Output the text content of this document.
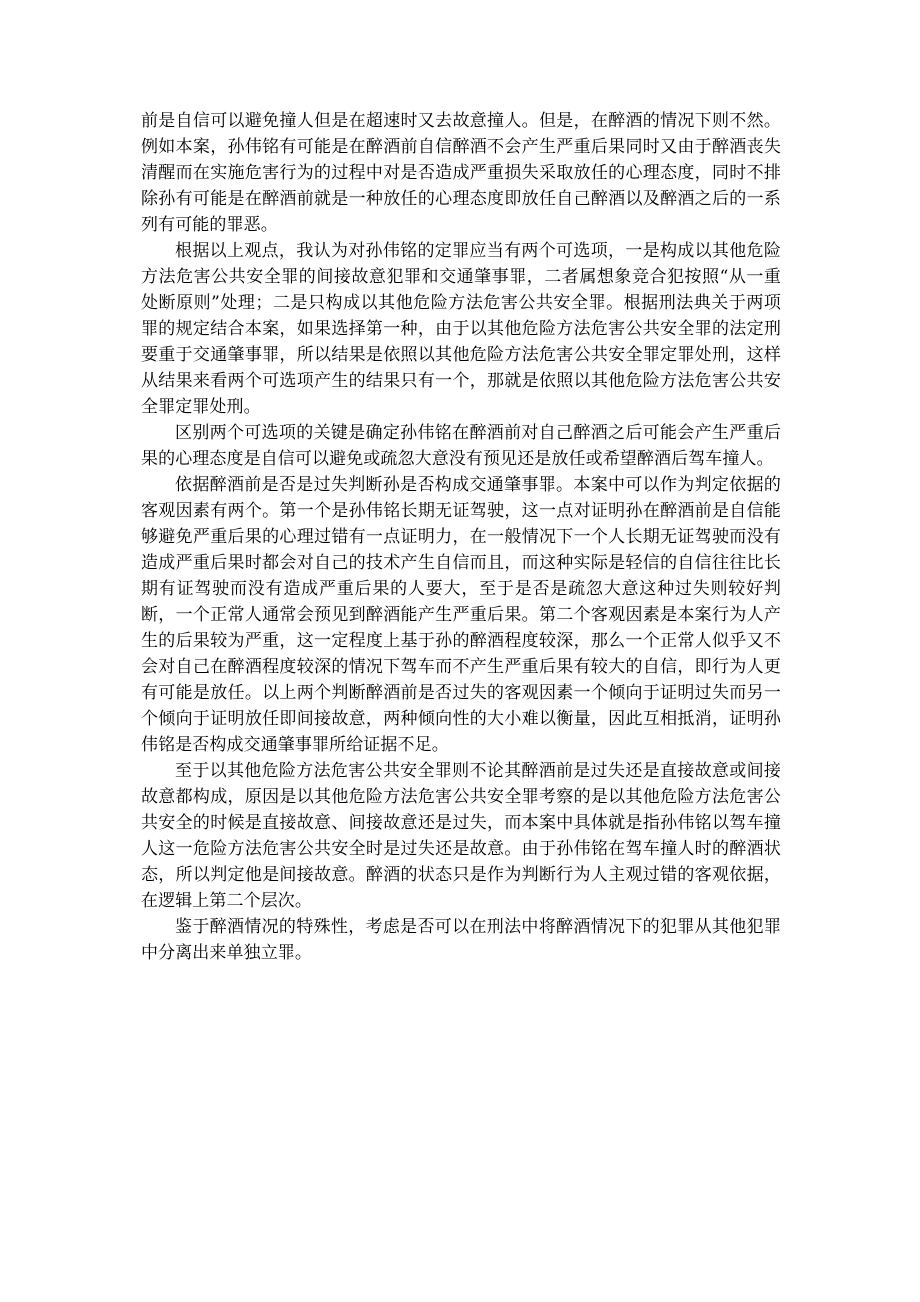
前是自信可以避免撞人但是在超速时又去故意撞人。但是，在醉酒的情况下则不然。例如本案，孙伟铭有可能是在醉酒前自信醉酒不会产生严重后果同时又由于醉酒丧失清醒而在实施危害行为的过程中对是否造成严重损失采取放任的心理态度，同时不排除孙有可能是在醉酒前就是一种放任的心理态度即放任自己醉酒以及醉酒之后的一系列有可能的罪恶。

根据以上观点，我认为对孙伟铭的定罪应当有两个可选项，一是构成以其他危险方法危害公共安全罪的间接故意犯罪和交通肇事罪，二者属想象竞合犯按照“从一重处断原则”处理；二是只构成以其他危险方法危害公共安全罪。根据刑法典关于两项罪的规定结合本案，如果选择第一种，由于以其他危险方法危害公共安全罪的法定刑要重于交通肇事罪，所以结果是依照以其他危险方法危害公共安全罪定罪处刑，这样从结果来看两个可选项产生的结果只有一个，那就是依照以其他危险方法危害公共安全罪定罪处刑。

区别两个可选项的关键是确定孙伟铭在醉酒前对自己醉酒之后可能会产生严重后果的心理态度是自信可以避免或疏忽大意没有预见还是放任或希望醉酒后驾车撞人。

依据醉酒前是否是过失判断孙是否构成交通肇事罪。本案中可以作为判定依据的客观因素有两个。第一个是孙伟铭长期无证驾驶，这一点对证明孙在醉酒前是自信能够避免严重后果的心理过错有一点证明力，在一般情况下一个人长期无证驾驶而没有造成严重后果时都会对自己的技术产生自信而且，而这种实际是轻信的自信往往比长期有证驾驶而没有造成严重后果的人要大，至于是否是疏忽大意这种过失则较好判断，一个正常人通常会预见到醉酒能产生严重后果。第二个客观因素是本案行为人产生的后果较为严重，这一定程度上基于孙的醉酒程度较深，那么一个正常人似乎又不会对自己在醉酒程度较深的情况下驾车而不产生严重后果有较大的自信，即行为人更有可能是放任。以上两个判断醉酒前是否过失的客观因素一个倾向于证明过失而另一个倾向于证明放任即间接故意，两种倾向性的大小难以衡量，因此互相抵消，证明孙伟铭是否构成交通肇事罪所给证据不足。

至于以其他危险方法危害公共安全罪则不论其醉酒前是过失还是直接故意或间接故意都构成，原因是以其他危险方法危害公共安全罪考察的是以其他危险方法危害公共安全的时候是直接故意、间接故意还是过失，而本案中具体就是指孙伟铭以驾车撞人这一危险方法危害公共安全时是过失还是故意。由于孙伟铭在驾车撞人时的醉酒状态，所以判定他是间接故意。醉酒的状态只是作为判断行为人主观过错的客观依据，在逻辑上第二个层次。

鉴于醉酒情况的特殊性，考虑是否可以在刑法中将醉酒情况下的犯罪从其他犯罪中分离出来单独立罪。
